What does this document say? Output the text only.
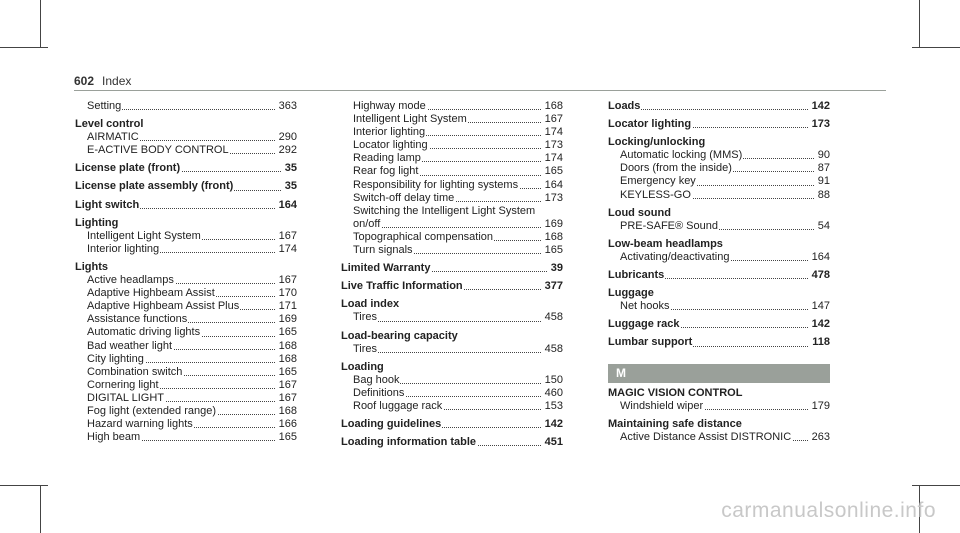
602 Index
Setting	363
Level control
AIRMATIC	290
E-ACTIVE BODY CONTROL	292
License plate (front)	35
License plate assembly (front)	35
Light switch	164
Lighting
Intelligent Light System	167
Interior lighting	174
Lights
Active headlamps	167
Adaptive Highbeam Assist	170
Adaptive Highbeam Assist Plus	171
Assistance functions	169
Automatic driving lights	165
Bad weather light	168
City lighting	168
Combination switch	165
Cornering light	167
DIGITAL LIGHT	167
Fog light (extended range)	168
Hazard warning lights	166
High beam	165
Highway mode	168
Intelligent Light System	167
Interior lighting	174
Locator lighting	173
Reading lamp	174
Rear fog light	165
Responsibility for lighting systems 164
Switch-off delay time	173
Switching the Intelligent Light System
on/off	169
Topographical compensation	168
Turn signals	165
Limited Warranty	39
Live Traffic Information	377
Load index
Tires	458
Load-bearing capacity
Tires	458
Loading
Bag hook	150
Definitions	460
Roof luggage rack	153
Loading guidelines	142
Loading information table	451
Loads	142
Locator lighting	173
Locking/unlocking
Automatic locking (MMS)	90
Doors (from the inside)	87
Emergency key	91
KEYLESS-GO	88
Loud sound
PRE-SAFE® Sound	54
Low-beam headlamps
Activating/deactivating	164
Lubricants	478
Luggage
Net hooks	147
Luggage rack	142
Lumbar support	118
M
MAGIC VISION CONTROL
Windshield wiper	179
Maintaining safe distance
Active Distance Assist DISTRONIC 263
carmanualsonline.info
